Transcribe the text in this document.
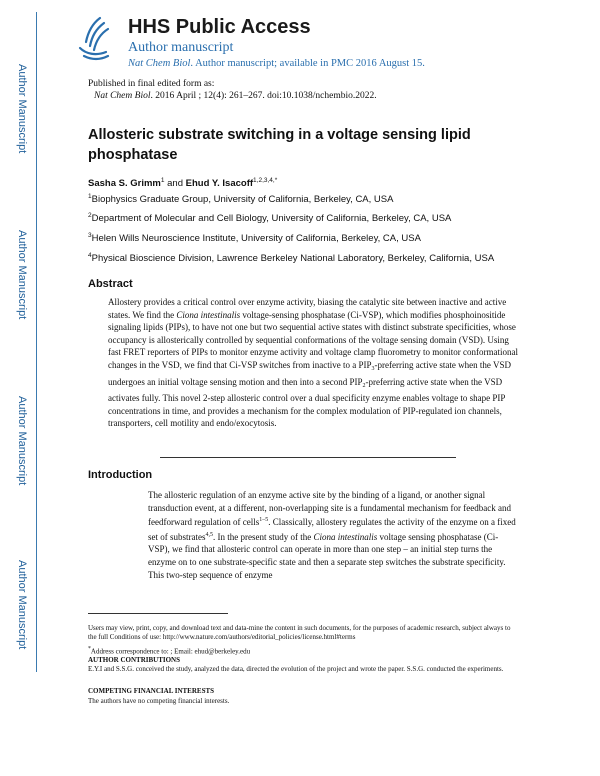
Author Manuscript
Author Manuscript
Author Manuscript
Author Manuscript
HHS Public Access
Author manuscript
Nat Chem Biol. Author manuscript; available in PMC 2016 August 15.
Published in final edited form as:
Nat Chem Biol. 2016 April ; 12(4): 261–267. doi:10.1038/nchembio.2022.
Allosteric substrate switching in a voltage sensing lipid phosphatase
Sasha S. Grimm$^1$ and Ehud Y. Isacoff$^{1,2,3,4,*}$
$^1$Biophysics Graduate Group, University of California, Berkeley, CA, USA
$^2$Department of Molecular and Cell Biology, University of California, Berkeley, CA, USA
$^3$Helen Wills Neuroscience Institute, University of California, Berkeley, CA, USA
$^4$Physical Bioscience Division, Lawrence Berkeley National Laboratory, Berkeley, California, USA
Abstract
Allostery provides a critical control over enzyme activity, biasing the catalytic site between inactive and active states. We find the Ciona intestinalis voltage-sensing phosphatase (Ci-VSP), which modifies phosphoinositide signaling lipids (PIPs), to have not one but two sequential active states with distinct substrate specificities, whose occupancy is allosterically controlled by sequential conformations of the voltage sensing domain (VSD). Using fast FRET reporters of PIPs to monitor enzyme activity and voltage clamp fluorometry to monitor conformational changes in the VSD, we find that Ci-VSP switches from inactive to a $PIP_3$-preferring active state when the VSD undergoes an initial voltage sensing motion and then into a second $PIP_2$-preferring active state when the VSD activates fully. This novel 2-step allosteric control over a dual specificity enzyme enables voltage to shape PIP concentrations in time, and provides a mechanism for the complex modulation of PIP-regulated ion channels, transporters, cell motility and endo/exocytosis.
Introduction
The allosteric regulation of an enzyme active site by the binding of a ligand, or another signal transduction event, at a different, non-overlapping site is a fundamental mechanism for feedback and feedforward regulation of cells$^{1-5}$. Classically, allostery regulates the activity of the enzyme on a fixed set of substrates$^{4,5}$. In the present study of the Ciona intestinalis voltage sensing phosphatase (Ci-VSP), we find that allosteric control can operate in more than one step – an initial step turns the enzyme on to one substrate-specific state and then a separate step switches the substrate specificity. This two-step sequence of enzyme
Users may view, print, copy, and download text and data-mine the content in such documents, for the purposes of academic research, subject always to the full Conditions of use: http://www.nature.com/authors/editorial_policies/license.html#terms
*Address correspondence to: ; Email: ehud@berkeley.edu
AUTHOR CONTRIBUTIONS
E.Y.I and S.S.G. conceived the study, analyzed the data, directed the evolution of the project and wrote the paper. S.S.G. conducted the experiments.
COMPETING FINANCIAL INTERESTS
The authors have no competing financial interests.
